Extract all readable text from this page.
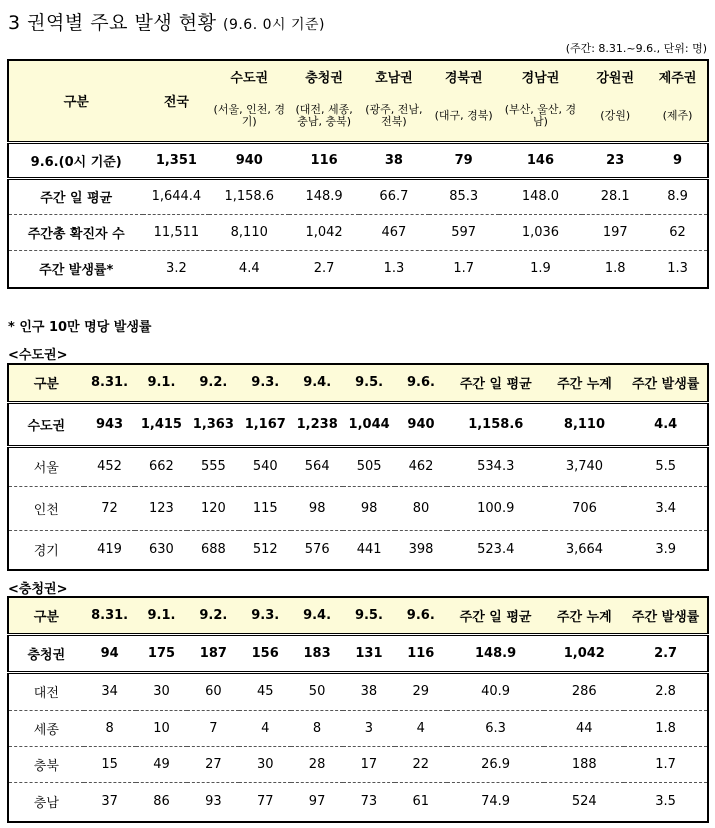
3 권역별 주요 발생 현황 (9.6. 0시 기준)
(주간: 8.31.~9.6., 단위: 명)
구분	전국	수도권	충청권	호남권	경북권	경남권	강원권	제주권
		(서울, 인천, 경기)	(대전, 세종, 충남, 충북)	(광주, 전남, 전북)	(대구, 경북)	(부산, 울산, 경남)	(강원)	(제주)
9.6.(0시 기준)	1,351	940	116	38	79	146	23	9
주간 일 평균	1,644.4	1,158.6	148.9	66.7	85.3	148.0	28.1	8.9
주간총 확진자 수	11,511	8,110	1,042	467	597	1,036	197	62
주간 발생률*	3.2	4.4	2.7	1.3	1.7	1.9	1.8	1.3
* 인구 10만 명당 발생률
<수도권>
구분	8.31.	9.1.	9.2.	9.3.	9.4.	9.5.	9.6.	주간 일 평균	주간 누계	주간 발생률
수도권	943	1,415	1,363	1,167	1,238	1,044	940	1,158.6	8,110	4.4
서울	452	662	555	540	564	505	462	534.3	3,740	5.5
인천	72	123	120	115	98	98	80	100.9	706	3.4
경기	419	630	688	512	576	441	398	523.4	3,664	3.9
<충청권>
구분	8.31.	9.1.	9.2.	9.3.	9.4.	9.5.	9.6.	주간 일 평균	주간 누계	주간 발생률
충청권	94	175	187	156	183	131	116	148.9	1,042	2.7
대전	34	30	60	45	50	38	29	40.9	286	2.8
세종	8	10	7	4	8	3	4	6.3	44	1.8
충북	15	49	27	30	28	17	22	26.9	188	1.7
충남	37	86	93	77	97	73	61	74.9	524	3.5
